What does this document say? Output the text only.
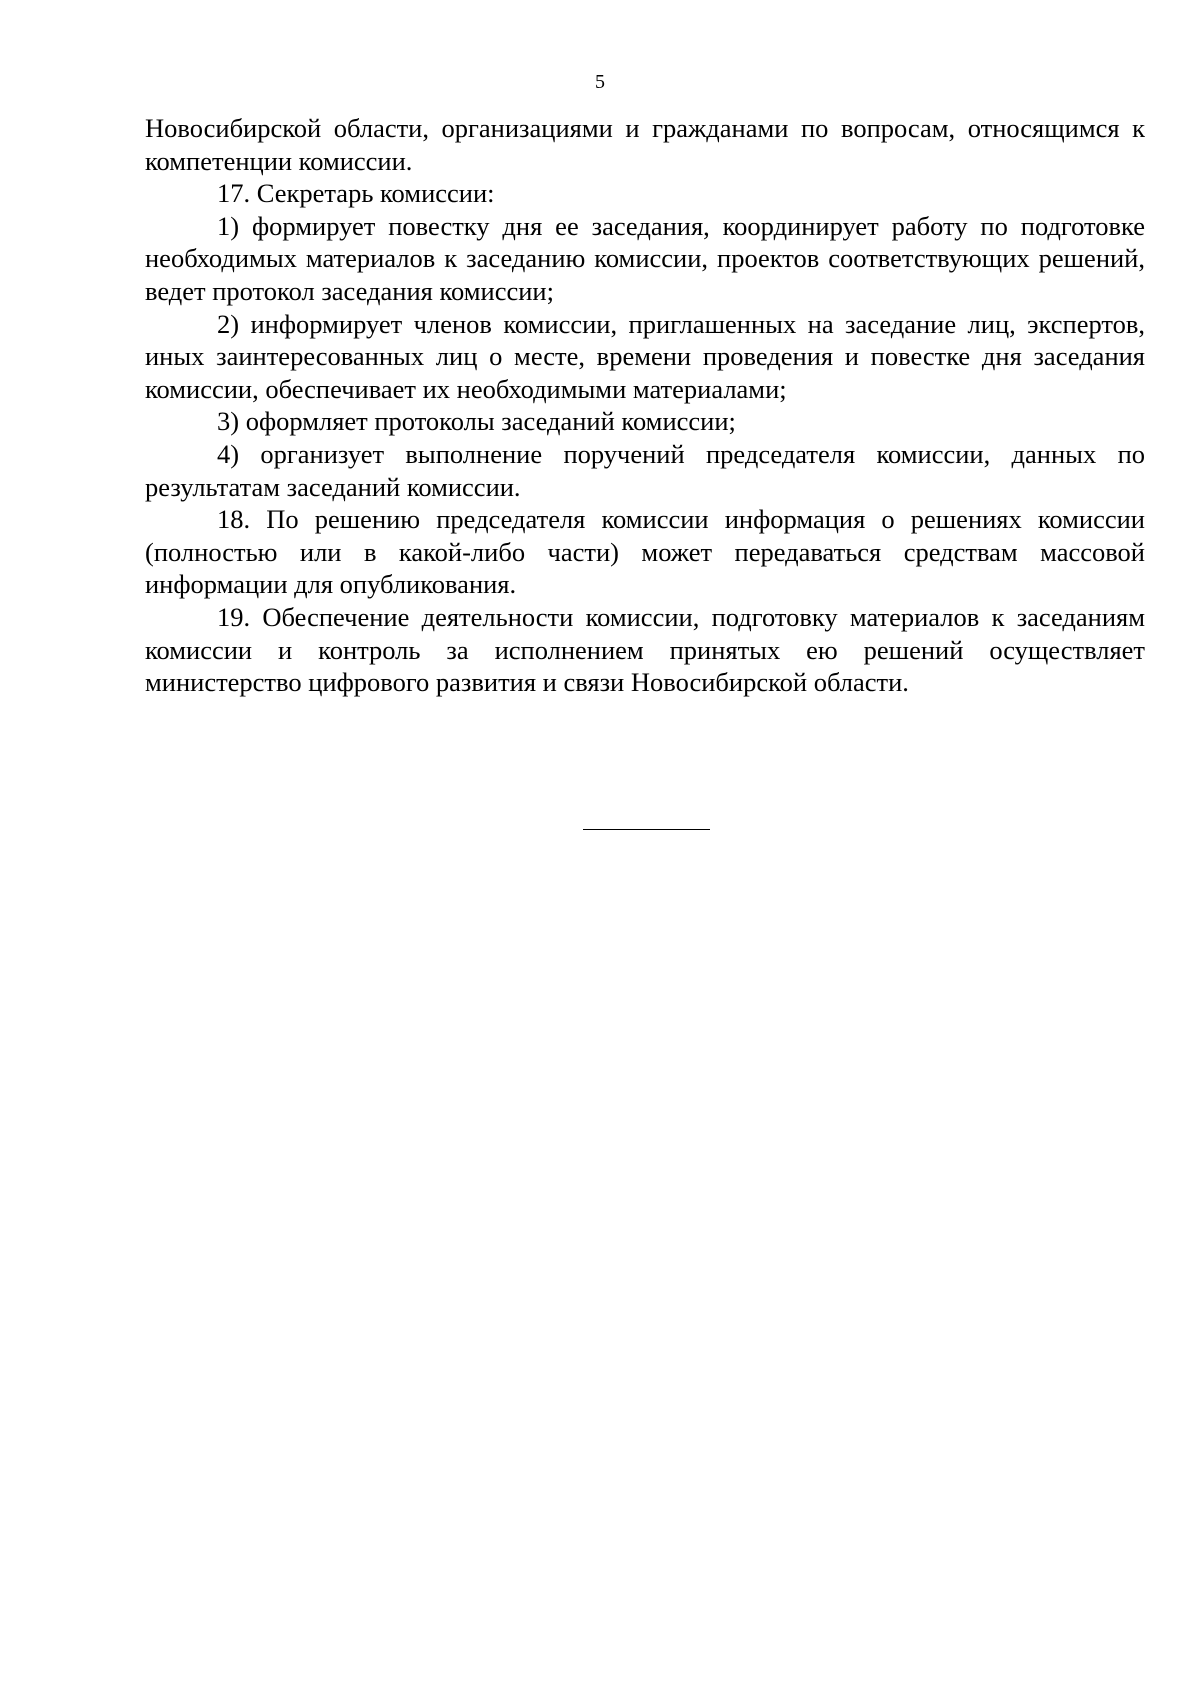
5

Новосибирской области, организациями и гражданами по вопросам, относящимся к компетенции комиссии.

17. Секретарь комиссии:

1) формирует повестку дня ее заседания, координирует работу по подготовке необходимых материалов к заседанию комиссии, проектов соответствующих решений, ведет протокол заседания комиссии;

2) информирует членов комиссии, приглашенных на заседание лиц, экспертов, иных заинтересованных лиц о месте, времени проведения и повестке дня заседания комиссии, обеспечивает их необходимыми материалами;

3) оформляет протоколы заседаний комиссии;

4) организует выполнение поручений председателя комиссии, данных по результатам заседаний комиссии.

18. По решению председателя комиссии информация о решениях комиссии (полностью или в какой-либо части) может передаваться средствам массовой информации для опубликования.

19. Обеспечение деятельности комиссии, подготовку материалов к заседаниям комиссии и контроль за исполнением принятых ею решений осуществляет министерство цифрового развития и связи Новосибирской области.
